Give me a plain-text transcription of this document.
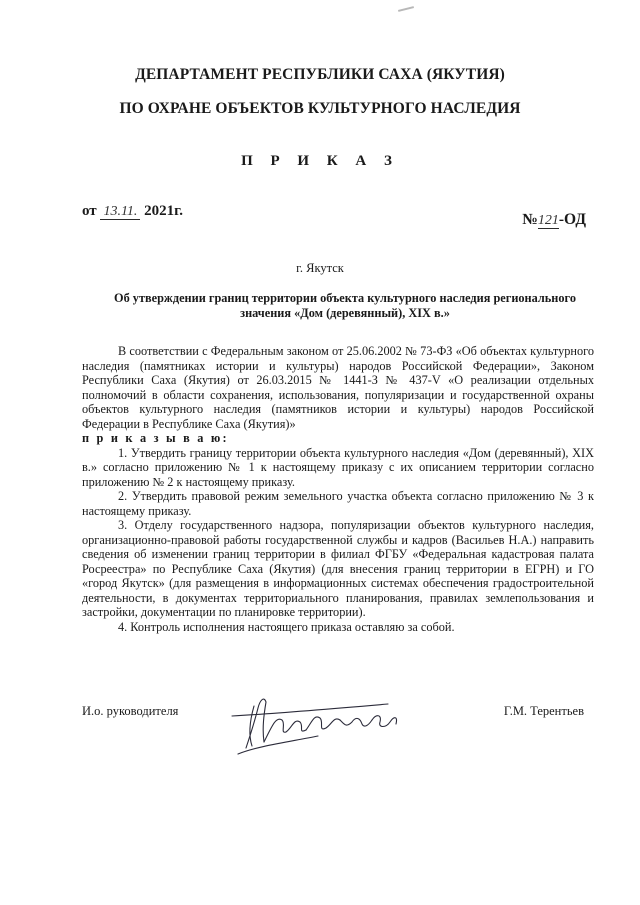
ДЕПАРТАМЕНТ РЕСПУБЛИКИ САХА (ЯКУТИЯ)
ПО ОХРАНЕ ОБЪЕКТОВ КУЛЬТУРНОГО НАСЛЕДИЯ
П Р И К А З
от 13.11. 2021г.	№121-ОД
г. Якутск
Об утверждении границ территории объекта культурного наследия регионального значения «Дом (деревянный), XIX в.»

В соответствии с Федеральным законом от 25.06.2002 № 73-ФЗ «Об объектах культурного наследия (памятниках истории и культуры) народов Российской Федерации», Законом Республики Саха (Якутия) от 26.03.2015 № 1441-З № 437-V «О реализации отдельных полномочий в области сохранения, использования, популяризации и государственной охраны объектов культурного наследия (памятников истории и культуры) народов Российской Федерации в Республике Саха (Якутия)»

п р и к а з ы в а ю:

1. Утвердить границу территории объекта культурного наследия «Дом (деревянный), XIX в.» согласно приложению № 1 к настоящему приказу с их описанием территории согласно приложению № 2 к настоящему приказу.

2. Утвердить правовой режим земельного участка объекта согласно приложению № 3 к настоящему приказу.

3. Отделу государственного надзора, популяризации объектов культурного наследия, организационно-правовой работы государственной службы и кадров (Васильев Н.А.) направить сведения об изменении границ территории в филиал ФГБУ «Федеральная кадастровая палата Росреестра» по Республике Саха (Якутия) (для внесения границ территории в ЕГРН) и ГО «город Якутск» (для размещения в информационных системах обеспечения градостроительной деятельности, в документах территориального планирования, правилах землепользования и застройки, документации по планировке территории).

4. Контроль исполнения настоящего приказа оставляю за собой.

И.о. руководителя	Г.М. Терентьев
